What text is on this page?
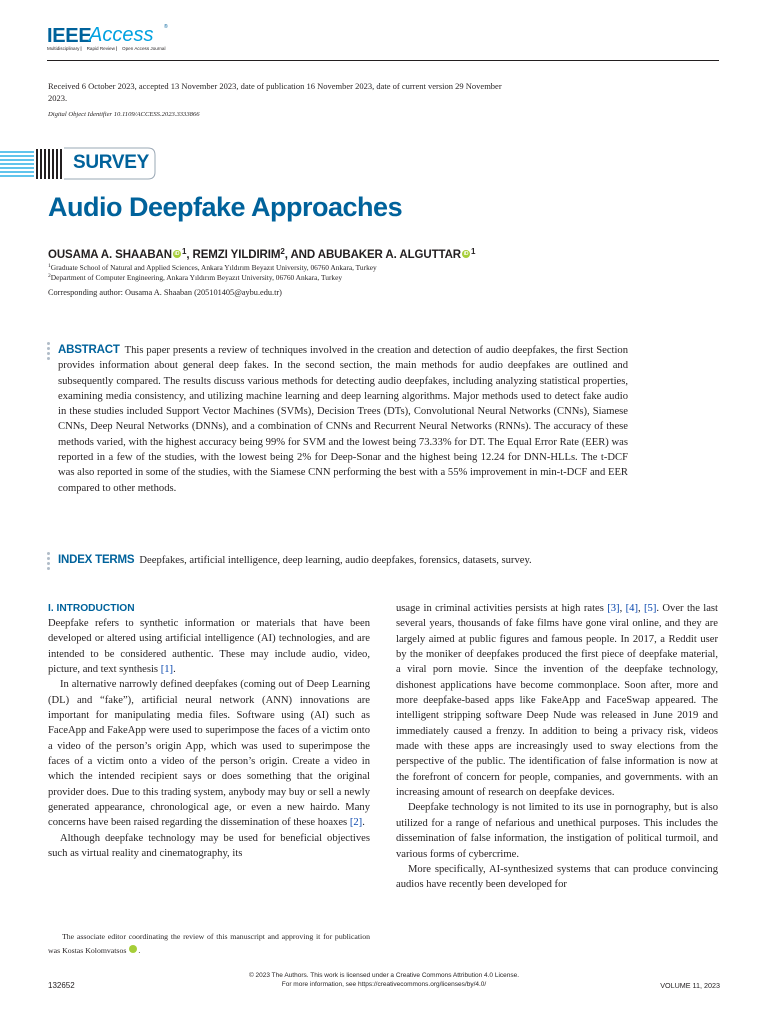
IEEE
Access ®
Multidisciplinary ⎸ Rapid Review ⎸ Open Access Journal
Received 6 October 2023, accepted 13 November 2023, date of publication 16 November 2023, date of current version 29 November 2023.
Digital Object Identifier 10.1109/ACCESS.2023.3333866
SURVEY
Audio Deepfake Approaches
OUSAMA A. SHAABAN iD $^1$, REMZI YILDIRIM$^2$, AND ABUBAKER A. ALGUTTAR iD $^1$
$^1$Graduate School of Natural and Applied Sciences, Ankara Yıldırım Beyazıt University, 06760 Ankara, Turkey
$^2$Department of Computer Engineering, Ankara Yıldırım Beyazıt University, 06760 Ankara, Turkey
Corresponding author: Ousama A. Shaaban (205101405@aybu.edu.tr)
ABSTRACT This paper presents a review of techniques involved in the creation and detection of audio deepfakes, the first Section provides information about general deep fakes. In the second section, the main methods for audio deepfakes are outlined and subsequently compared. The results discuss various methods for detecting audio deepfakes, including analyzing statistical properties, examining media consistency, and utilizing machine learning and deep learning algorithms. Major methods used to detect fake audio in these studies included Support Vector Machines (SVMs), Decision Trees (DTs), Convolutional Neural Networks (CNNs), Siamese CNNs, Deep Neural Networks (DNNs), and a combination of CNNs and Recurrent Neural Networks (RNNs). The accuracy of these methods varied, with the highest accuracy being 99% for SVM and the lowest being 73.33% for DT. The Equal Error Rate (EER) was reported in a few of the studies, with the lowest being 2% for Deep-Sonar and the highest being 12.24 for DNN-HLLs. The t-DCF was also reported in some of the studies, with the Siamese CNN performing the best with a 55% improvement in min-t-DCF and EER compared to other methods.
INDEX TERMS Deepfakes, artificial intelligence, deep learning, audio deepfakes, forensics, datasets, survey.

I. INTRODUCTION

Deepfake refers to synthetic information or materials that have been developed or altered using artificial intelligence (AI) technologies, and are intended to be considered authentic. These may include audio, video, picture, and text synthesis [1].

In alternative narrowly defined deepfakes (coming out of Deep Learning (DL) and “fake”), artificial neural network (ANN) innovations are important for manipulating media files. Software using (AI) such as FaceApp and FakeApp were used to superimpose the faces of a victim onto a video of the person’s origin App, which was used to superimpose the faces of a victim onto a video of the person’s origin. Create a video in which the intended recipient says or does something that the original provider does. Due to this trading system, anybody may buy or sell a newly generated appearance, chronological age, or even a new hairdo. Many concerns have been raised regarding the dissemination of these hoaxes [2].

Although deepfake technology may be used for beneficial objectives such as virtual reality and cinematography, its

The associate editor coordinating the review of this manuscript and approving it for publication was Kostas Kolomvatsos	iD.

usage in criminal activities persists at high rates [3], [4], [5]. Over the last several years, thousands of fake films have gone viral online, and they are largely aimed at public figures and famous people. In 2017, a Reddit user by the moniker of deepfakes produced the first piece of deepfake material, a viral porn movie. Since the invention of the deepfake technology, dishonest applications have become commonplace. Soon after, more and more deepfake-based apps like FakeApp and FaceSwap appeared. The intelligent stripping software Deep Nude was released in June 2019 and immediately caused a frenzy. In addition to being a privacy risk, videos made with these apps are increasingly used to sway elections from the perspective of the public. The identification of false information is now at the forefront of concern for people, companies, and governments. with an increasing amount of research on deepfake devices.

Deepfake technology is not limited to its use in pornography, but is also utilized for a range of nefarious and unethical purposes. This includes the dissemination of false information, the instigation of political turmoil, and various forms of cybercrime.

More specifically, AI-synthesized systems that can produce convincing audios have recently been developed for

© 2023 The Authors. This work is licensed under a Creative Commons Attribution 4.0 License.
For more information, see https://creativecommons.org/licenses/by/4.0/
132652	VOLUME 11, 2023
